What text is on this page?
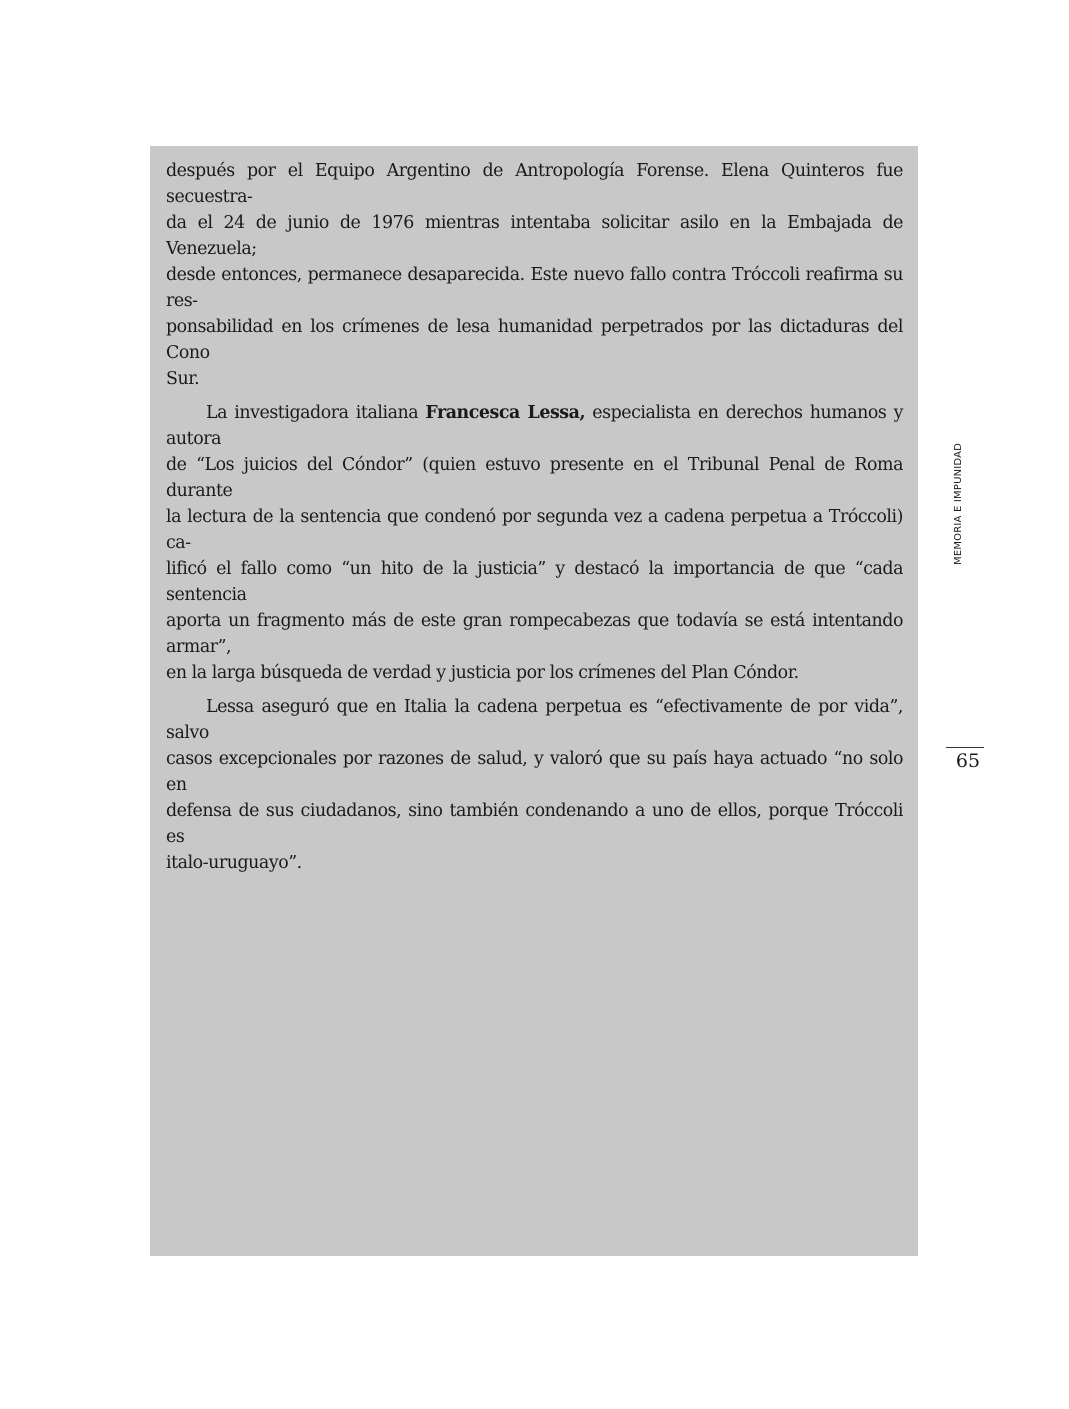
después por el Equipo Argentino de Antropología Forense. Elena Quinteros fue secuestra-
da el 24 de junio de 1976 mientras intentaba solicitar asilo en la Embajada de Venezuela;
desde entonces, permanece desaparecida. Este nuevo fallo contra Tróccoli reafirma su res-
ponsabilidad en los crímenes de lesa humanidad perpetrados por las dictaduras del Cono
Sur.

La investigadora italiana Francesca Lessa, especialista en derechos humanos y autora
de “Los juicios del Cóndor” (quien estuvo presente en el Tribunal Penal de Roma durante
la lectura de la sentencia que condenó por segunda vez a cadena perpetua a Tróccoli) ca-
lificó el fallo como “un hito de la justicia” y destacó la importancia de que “cada sentencia
aporta un fragmento más de este gran rompecabezas que todavía se está intentando armar”,
en la larga búsqueda de verdad y justicia por los crímenes del Plan Cóndor.

Lessa aseguró que en Italia la cadena perpetua es “efectivamente de por vida”, salvo
casos excepcionales por razones de salud, y valoró que su país haya actuado “no solo en
defensa de sus ciudadanos, sino también condenando a uno de ellos, porque Tróccoli es
italo-uruguayo”.

MEMORIA E IMPUNIDAD
65
